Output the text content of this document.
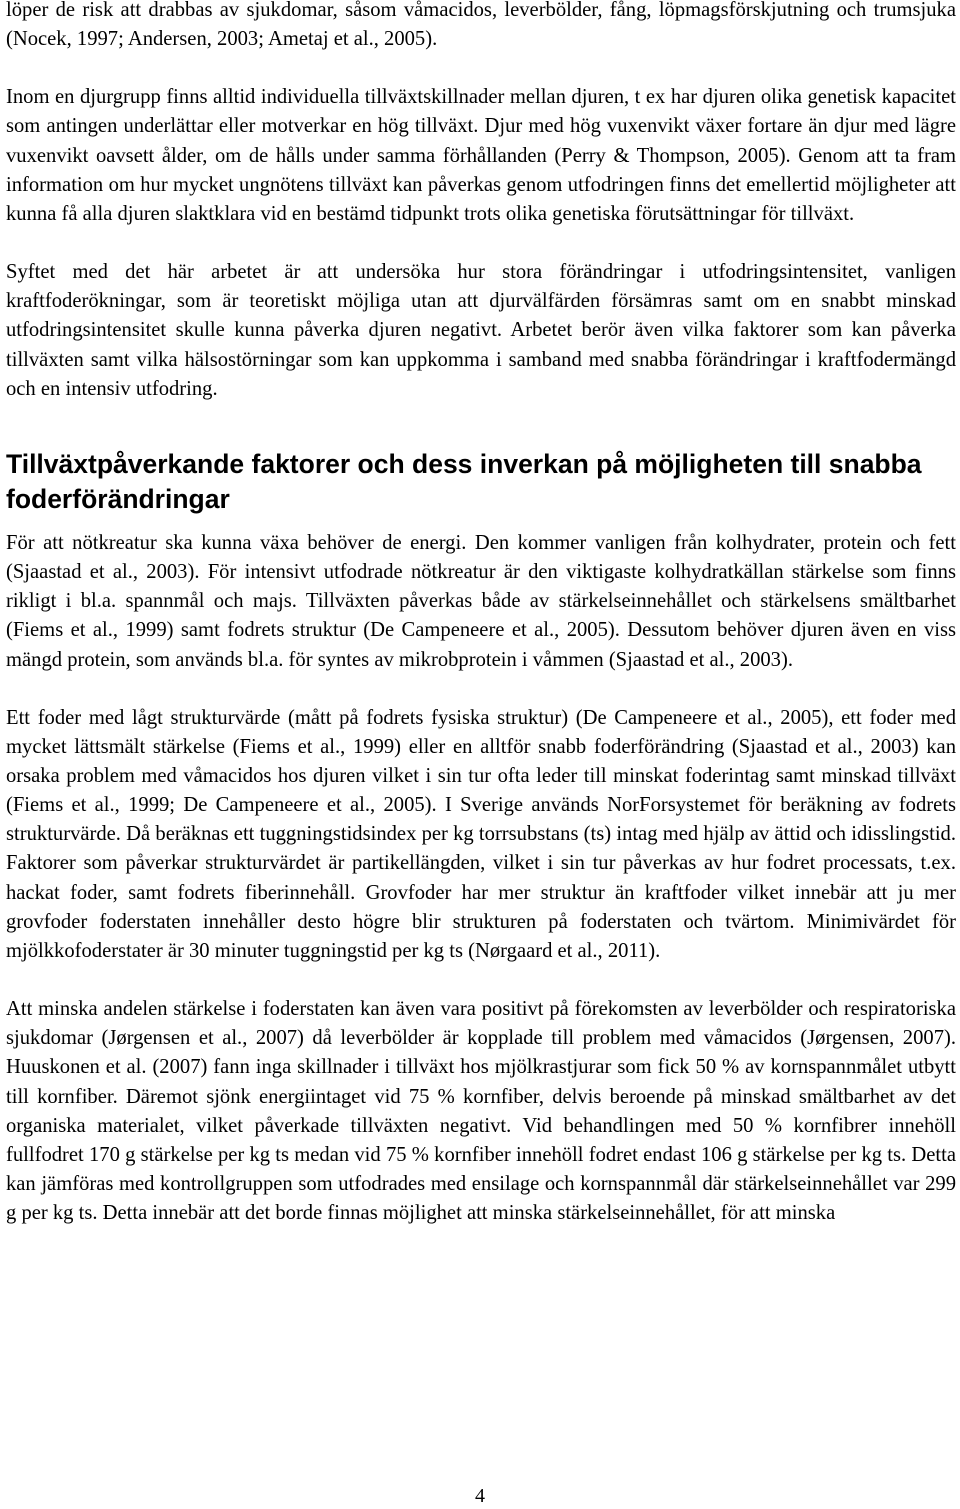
löper de risk att drabbas av sjukdomar, såsom våmacidos, leverbölder, fång, löpmagsförskjutning och trumsjuka (Nocek, 1997; Andersen, 2003; Ametaj et al., 2005).

Inom en djurgrupp finns alltid individuella tillväxtskillnader mellan djuren, t ex har djuren olika genetisk kapacitet som antingen underlättar eller motverkar en hög tillväxt. Djur med hög vuxenvikt växer fortare än djur med lägre vuxenvikt oavsett ålder, om de hålls under samma förhållanden (Perry & Thompson, 2005). Genom att ta fram information om hur mycket ungnötens tillväxt kan påverkas genom utfodringen finns det emellertid möjligheter att kunna få alla djuren slaktklara vid en bestämd tidpunkt trots olika genetiska förutsättningar för tillväxt.

Syftet med det här arbetet är att undersöka hur stora förändringar i utfodringsintensitet, vanligen kraftfoderökningar, som är teoretiskt möjliga utan att djurvälfärden försämras samt om en snabbt minskad utfodringsintensitet skulle kunna påverka djuren negativt. Arbetet berör även vilka faktorer som kan påverka tillväxten samt vilka hälsostörningar som kan uppkomma i samband med snabba förändringar i kraftfodermängd och en intensiv utfodring.

Tillväxtpåverkande faktorer och dess inverkan på möjligheten till snabba foderförändringar

För att nötkreatur ska kunna växa behöver de energi. Den kommer vanligen från kolhydrater, protein och fett (Sjaastad et al., 2003). För intensivt utfodrade nötkreatur är den viktigaste kolhydratkällan stärkelse som finns rikligt i bl.a. spannmål och majs. Tillväxten påverkas både av stärkelseinnehållet och stärkelsens smältbarhet (Fiems et al., 1999) samt fodrets struktur (De Campeneere et al., 2005). Dessutom behöver djuren även en viss mängd protein, som används bl.a. för syntes av mikrobprotein i våmmen (Sjaastad et al., 2003).

Ett foder med lågt strukturvärde (mått på fodrets fysiska struktur) (De Campeneere et al., 2005), ett foder med mycket lättsmält stärkelse (Fiems et al., 1999) eller en alltför snabb foderförändring (Sjaastad et al., 2003) kan orsaka problem med våmacidos hos djuren vilket i sin tur ofta leder till minskat foderintag samt minskad tillväxt (Fiems et al., 1999; De Campeneere et al., 2005). I Sverige används NorForsystemet för beräkning av fodrets strukturvärde. Då beräknas ett tuggningstidsindex per kg torrsubstans (ts) intag med hjälp av ättid och idisslingstid. Faktorer som påverkar strukturvärdet är partikellängden, vilket i sin tur påverkas av hur fodret processats, t.ex. hackat foder, samt fodrets fiberinnehåll. Grovfoder har mer struktur än kraftfoder vilket innebär att ju mer grovfoder foderstaten innehåller desto högre blir strukturen på foderstaten och tvärtom. Minimivärdet för mjölkkofoderstater är 30 minuter tuggningstid per kg ts (Nørgaard et al., 2011).

Att minska andelen stärkelse i foderstaten kan även vara positivt på förekomsten av leverbölder och respiratoriska sjukdomar (Jørgensen et al., 2007) då leverbölder är kopplade till problem med våmacidos (Jørgensen, 2007). Huuskonen et al. (2007) fann inga skillnader i tillväxt hos mjölkrastjurar som fick 50 % av kornspannmålet utbytt till kornfiber. Däremot sjönk energiintaget vid 75 % kornfiber, delvis beroende på minskad smältbarhet av det organiska materialet, vilket påverkade tillväxten negativt. Vid behandlingen med 50 % kornfibrer innehöll fullfodret 170 g stärkelse per kg ts medan vid 75 % kornfiber innehöll fodret endast 106 g stärkelse per kg ts. Detta kan jämföras med kontrollgruppen som utfodrades med ensilage och kornspannmål där stärkelseinnehållet var 299 g per kg ts. Detta innebär att det borde finnas möjlighet att minska stärkelseinnehållet, för att minska

4
